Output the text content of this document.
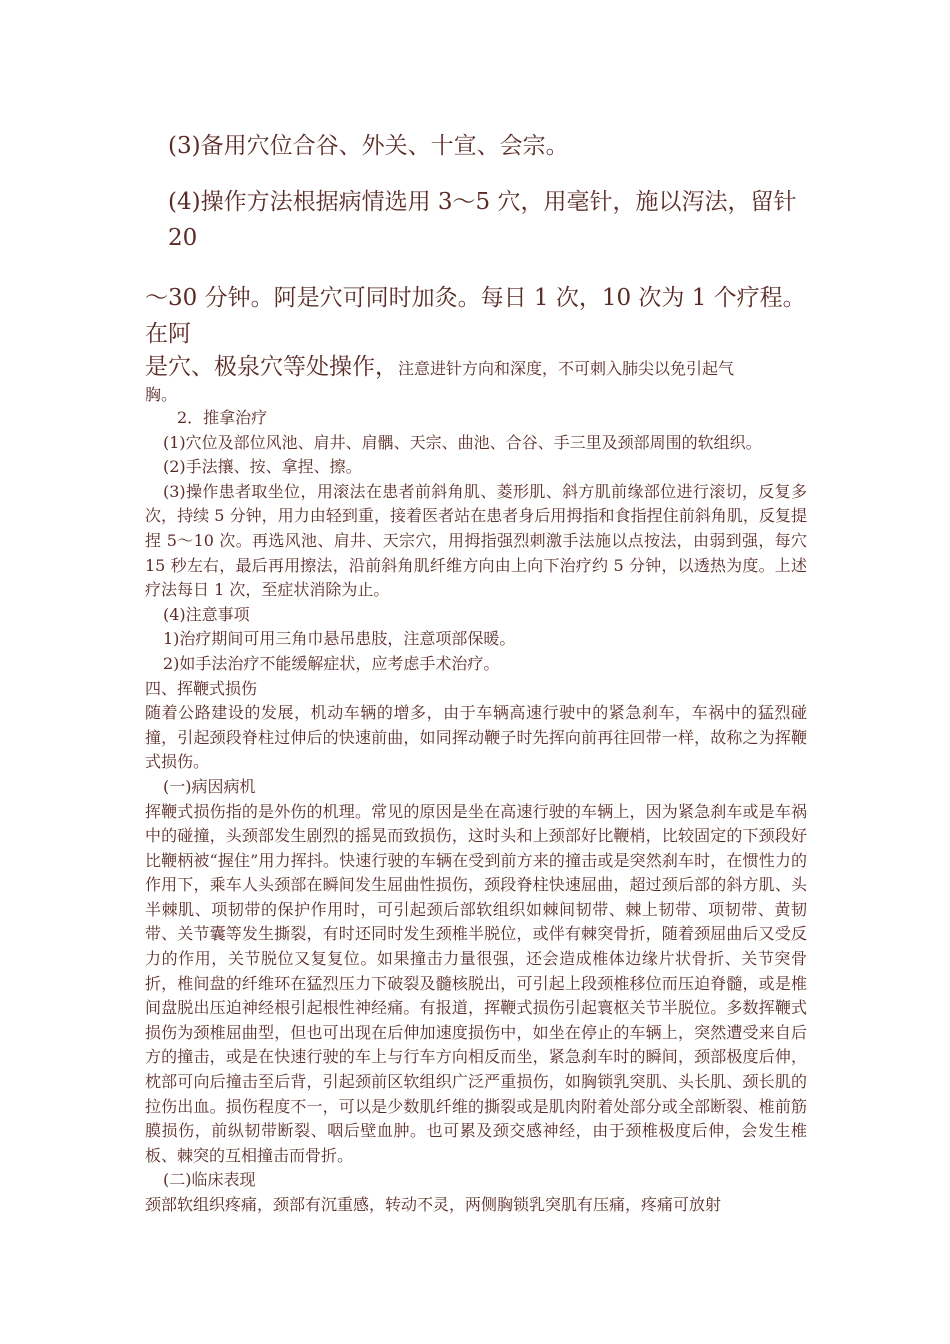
(3)备用穴位合谷、外关、十宣、会宗。

(4)操作方法根据病情选用 3～5 穴，用毫针，施以泻法，留针 20

～30 分钟。阿是穴可同时加灸。每日 1 次，10 次为 1 个疗程。在阿

是穴、极泉穴等处操作，注意进针方向和深度，不可刺入肺尖以免引起气

胸。

2．推拿治疗

(1)穴位及部位风池、肩井、肩髃、天宗、曲池、合谷、手三里及颈部周围的软组织。

(2)手法攘、按、拿捏、擦。

(3)操作患者取坐位，用滚法在患者前斜角肌、菱形肌、斜方肌前缘部位进行滚切，反复多次，持续 5 分钟，用力由轻到重，接着医者站在患者身后用拇指和食指捏住前斜角肌，反复提捏 5～10 次。再选风池、肩井、天宗穴，用拇指强烈刺激手法施以点按法，由弱到强，每穴 15 秒左右，最后再用擦法，沿前斜角肌纤维方向由上向下治疗约 5 分钟，以透热为度。上述疗法每日 1 次，至症状消除为止。

(4)注意事项

1)治疗期间可用三角巾悬吊患肢，注意项部保暖。

2)如手法治疗不能缓解症状，应考虑手术治疗。

四、挥鞭式损伤

随着公路建设的发展，机动车辆的增多，由于车辆高速行驶中的紧急刹车，车祸中的猛烈碰撞，引起颈段脊柱过伸后的快速前曲，如同挥动鞭子时先挥向前再往回带一样，故称之为挥鞭式损伤。

(一)病因病机

挥鞭式损伤指的是外伤的机理。常见的原因是坐在高速行驶的车辆上，因为紧急刹车或是车祸中的碰撞，头颈部发生剧烈的摇晃而致损伤，这时头和上颈部好比鞭梢，比较固定的下颈段好比鞭柄被“握住”用力挥抖。快速行驶的车辆在受到前方来的撞击或是突然刹车时，在惯性力的作用下，乘车人头颈部在瞬间发生屈曲性损伤，颈段脊柱快速屈曲，超过颈后部的斜方肌、头半棘肌、项韧带的保护作用时，可引起颈后部软组织如棘间韧带、棘上韧带、项韧带、黄韧带、关节囊等发生撕裂，有时还同时发生颈椎半脱位，或伴有棘突骨折，随着颈屈曲后又受反力的作用，关节脱位又复复位。如果撞击力量很强，还会造成椎体边缘片状骨折、关节突骨折，椎间盘的纤维环在猛烈压力下破裂及髓核脱出，可引起上段颈椎移位而压迫脊髓，或是椎间盘脱出压迫神经根引起根性神经痛。有报道，挥鞭式损伤引起寰枢关节半脱位。多数挥鞭式损伤为颈椎屈曲型，但也可出现在后伸加速度损伤中，如坐在停止的车辆上，突然遭受来自后方的撞击，或是在快速行驶的车上与行车方向相反而坐，紧急刹车时的瞬间，颈部极度后伸，枕部可向后撞击至后背，引起颈前区软组织广泛严重损伤，如胸锁乳突肌、头长肌、颈长肌的拉伤出血。损伤程度不一，可以是少数肌纤维的撕裂或是肌肉附着处部分或全部断裂、椎前筋膜损伤，前纵韧带断裂、咽后壁血肿。也可累及颈交感神经，由于颈椎极度后伸，会发生椎板、棘突的互相撞击而骨折。

(二)临床表现

颈部软组织疼痛，颈部有沉重感，转动不灵，两侧胸锁乳突肌有压痛，疼痛可放射
